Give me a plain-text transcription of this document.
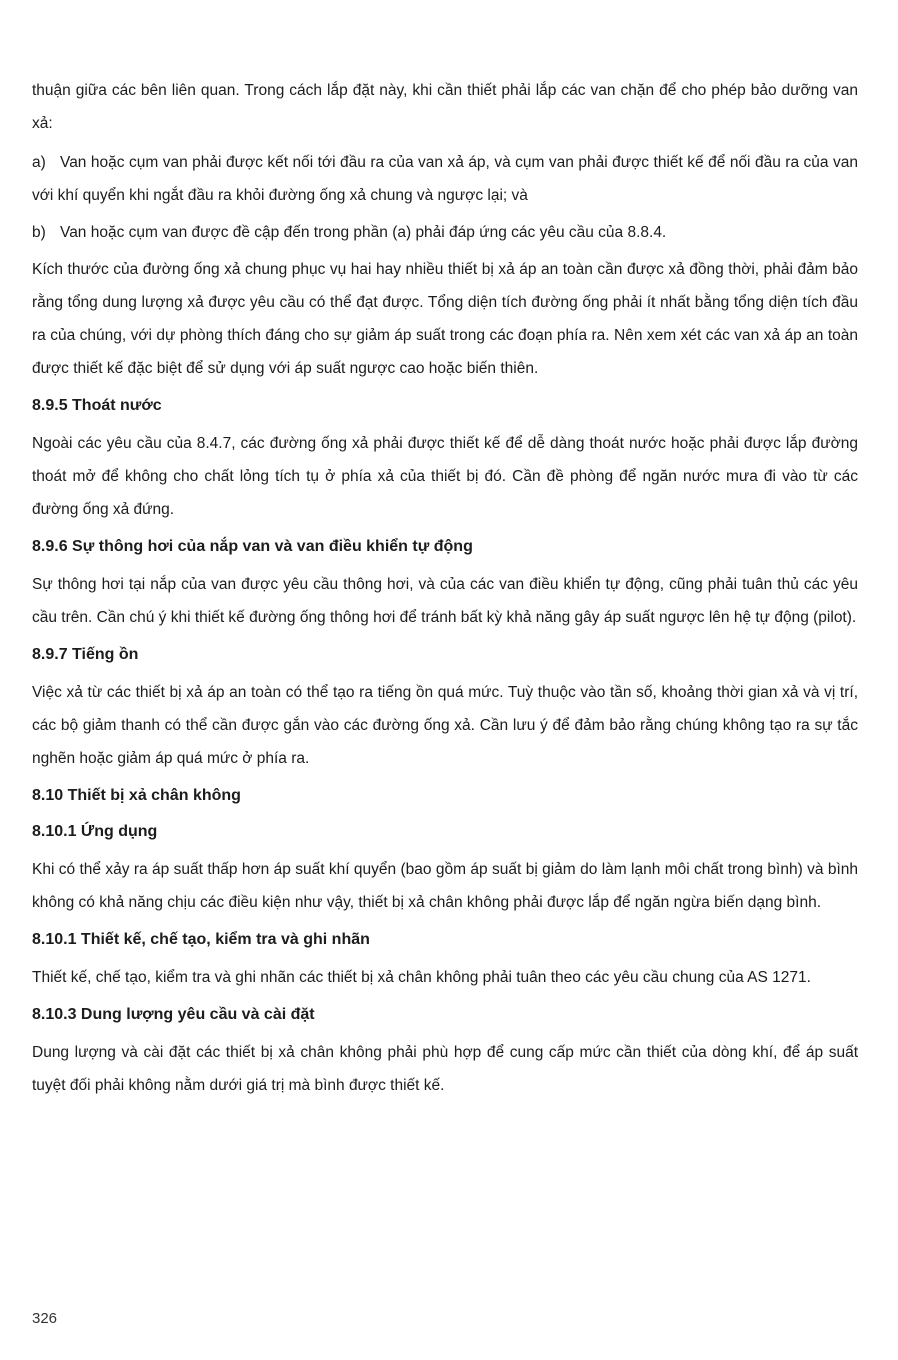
thuận giữa các bên liên quan. Trong cách lắp đặt này, khi cần thiết phải lắp các van chặn để cho phép bảo dưỡng van xả:

a) Van hoặc cụm van phải được kết nối tới đầu ra của van xả áp, và cụm van phải được thiết kế để nối đầu ra của van với khí quyển khi ngắt đầu ra khỏi đường ống xả chung và ngược lại; và

b) Van hoặc cụm van được đề cập đến trong phần (a) phải đáp ứng các yêu cầu của 8.8.4.

Kích thước của đường ống xả chung phục vụ hai hay nhiều thiết bị xả áp an toàn cần được xả đồng thời, phải đảm bảo rằng tổng dung lượng xả được yêu cầu có thể đạt được. Tổng diện tích đường ống phải ít nhất bằng tổng diện tích đầu ra của chúng, với dự phòng thích đáng cho sự giảm áp suất trong các đoạn phía ra. Nên xem xét các van xả áp an toàn được thiết kế đặc biệt để sử dụng với áp suất ngược cao hoặc biến thiên.

8.9.5 Thoát nước

Ngoài các yêu cầu của 8.4.7, các đường ống xả phải được thiết kế để dễ dàng thoát nước hoặc phải được lắp đường thoát mở để không cho chất lỏng tích tụ ở phía xả của thiết bị đó. Cần đề phòng để ngăn nước mưa đi vào từ các đường ống xả đứng.

8.9.6 Sự thông hơi của nắp van và van điều khiển tự động

Sự thông hơi tại nắp của van được yêu cầu thông hơi, và của các van điều khiển tự động, cũng phải tuân thủ các yêu cầu trên. Cần chú ý khi thiết kế đường ống thông hơi để tránh bất kỳ khả năng gây áp suất ngược lên hệ tự động (pilot).

8.9.7 Tiếng ồn

Việc xả từ các thiết bị xả áp an toàn có thể tạo ra tiếng ồn quá mức. Tuỳ thuộc vào tần số, khoảng thời gian xả và vị trí, các bộ giảm thanh có thể cần được gắn vào các đường ống xả. Cần lưu ý để đảm bảo rằng chúng không tạo ra sự tắc nghẽn hoặc giảm áp quá mức ở phía ra.

8.10 Thiết bị xả chân không
8.10.1 Ứng dụng

Khi có thể xảy ra áp suất thấp hơn áp suất khí quyển (bao gồm áp suất bị giảm do làm lạnh môi chất trong bình) và bình không có khả năng chịu các điều kiện như vậy, thiết bị xả chân không phải được lắp để ngăn ngừa biến dạng bình.

8.10.1 Thiết kế, chế tạo, kiểm tra và ghi nhãn

Thiết kế, chế tạo, kiểm tra và ghi nhãn các thiết bị xả chân không phải tuân theo các yêu cầu chung của AS 1271.

8.10.3 Dung lượng yêu cầu và cài đặt

Dung lượng và cài đặt các thiết bị xả chân không phải phù hợp để cung cấp mức cần thiết của dòng khí, để áp suất tuyệt đối phải không nằm dưới giá trị mà bình được thiết kế.

326
